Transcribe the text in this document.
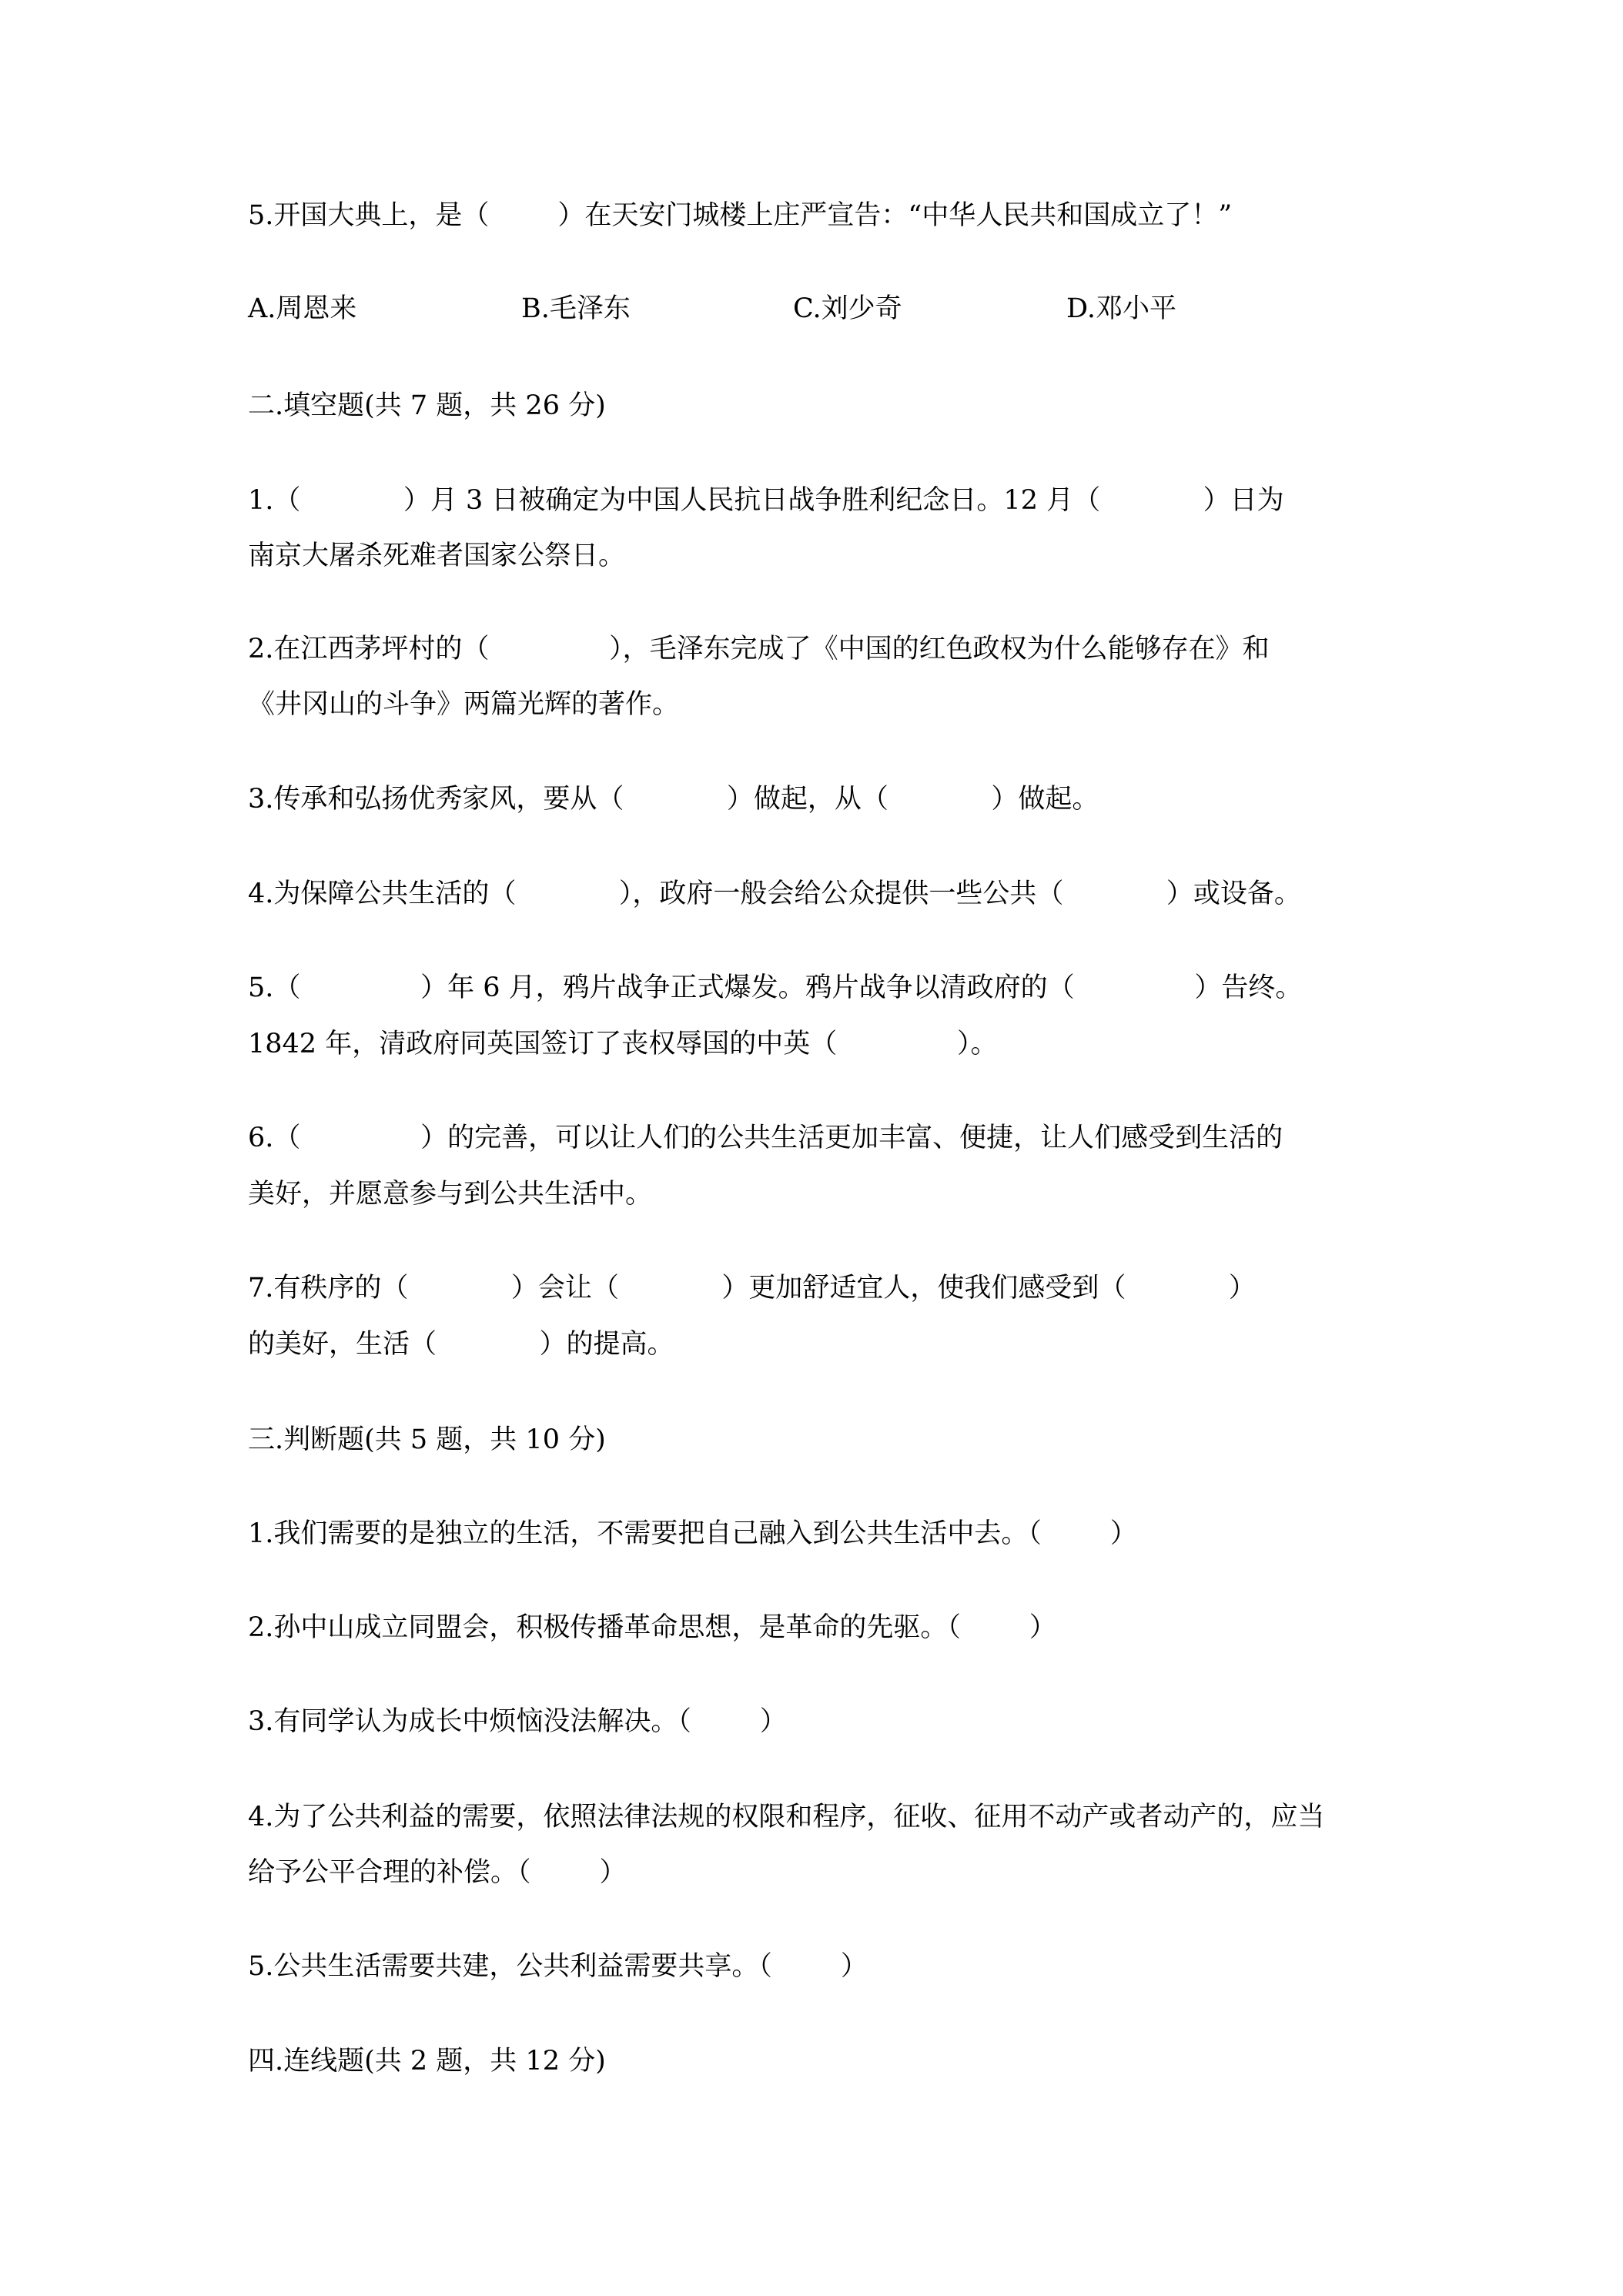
5.开国大典上，是（        ）在天安门城楼上庄严宣告：“中华人民共和国成立了！”
A.周恩来	B.毛泽东	C.刘少奇	D.邓小平
二.填空题(共 7 题，共 26 分)
1.（            ）月 3 日被确定为中国人民抗日战争胜利纪念日。12 月（            ）日为
南京大屠杀死难者国家公祭日。
2.在江西茅坪村的（              ），毛泽东完成了《中国的红色政权为什么能够存在》和
《井冈山的斗争》两篇光辉的著作。
3.传承和弘扬优秀家风，要从（            ）做起，从（            ）做起。
4.为保障公共生活的（            ），政府一般会给公众提供一些公共（            ）或设备。
5.（              ）年 6 月，鸦片战争正式爆发。鸦片战争以清政府的（              ）告终。
1842 年，清政府同英国签订了丧权辱国的中英（              ）。
6.（              ）的完善，可以让人们的公共生活更加丰富、便捷，让人们感受到生活的
美好，并愿意参与到公共生活中。
7.有秩序的（            ）会让（            ）更加舒适宜人，使我们感受到（            ）
的美好，生活（            ）的提高。
三.判断题(共 5 题，共 10 分)
1.我们需要的是独立的生活，不需要把自己融入到公共生活中去。（        ）
2.孙中山成立同盟会，积极传播革命思想，是革命的先驱。（        ）
3.有同学认为成长中烦恼没法解决。（        ）
4.为了公共利益的需要，依照法律法规的权限和程序，征收、征用不动产或者动产的，应当
给予公平合理的补偿。（        ）
5.公共生活需要共建，公共利益需要共享。（        ）
四.连线题(共 2 题，共 12 分)
